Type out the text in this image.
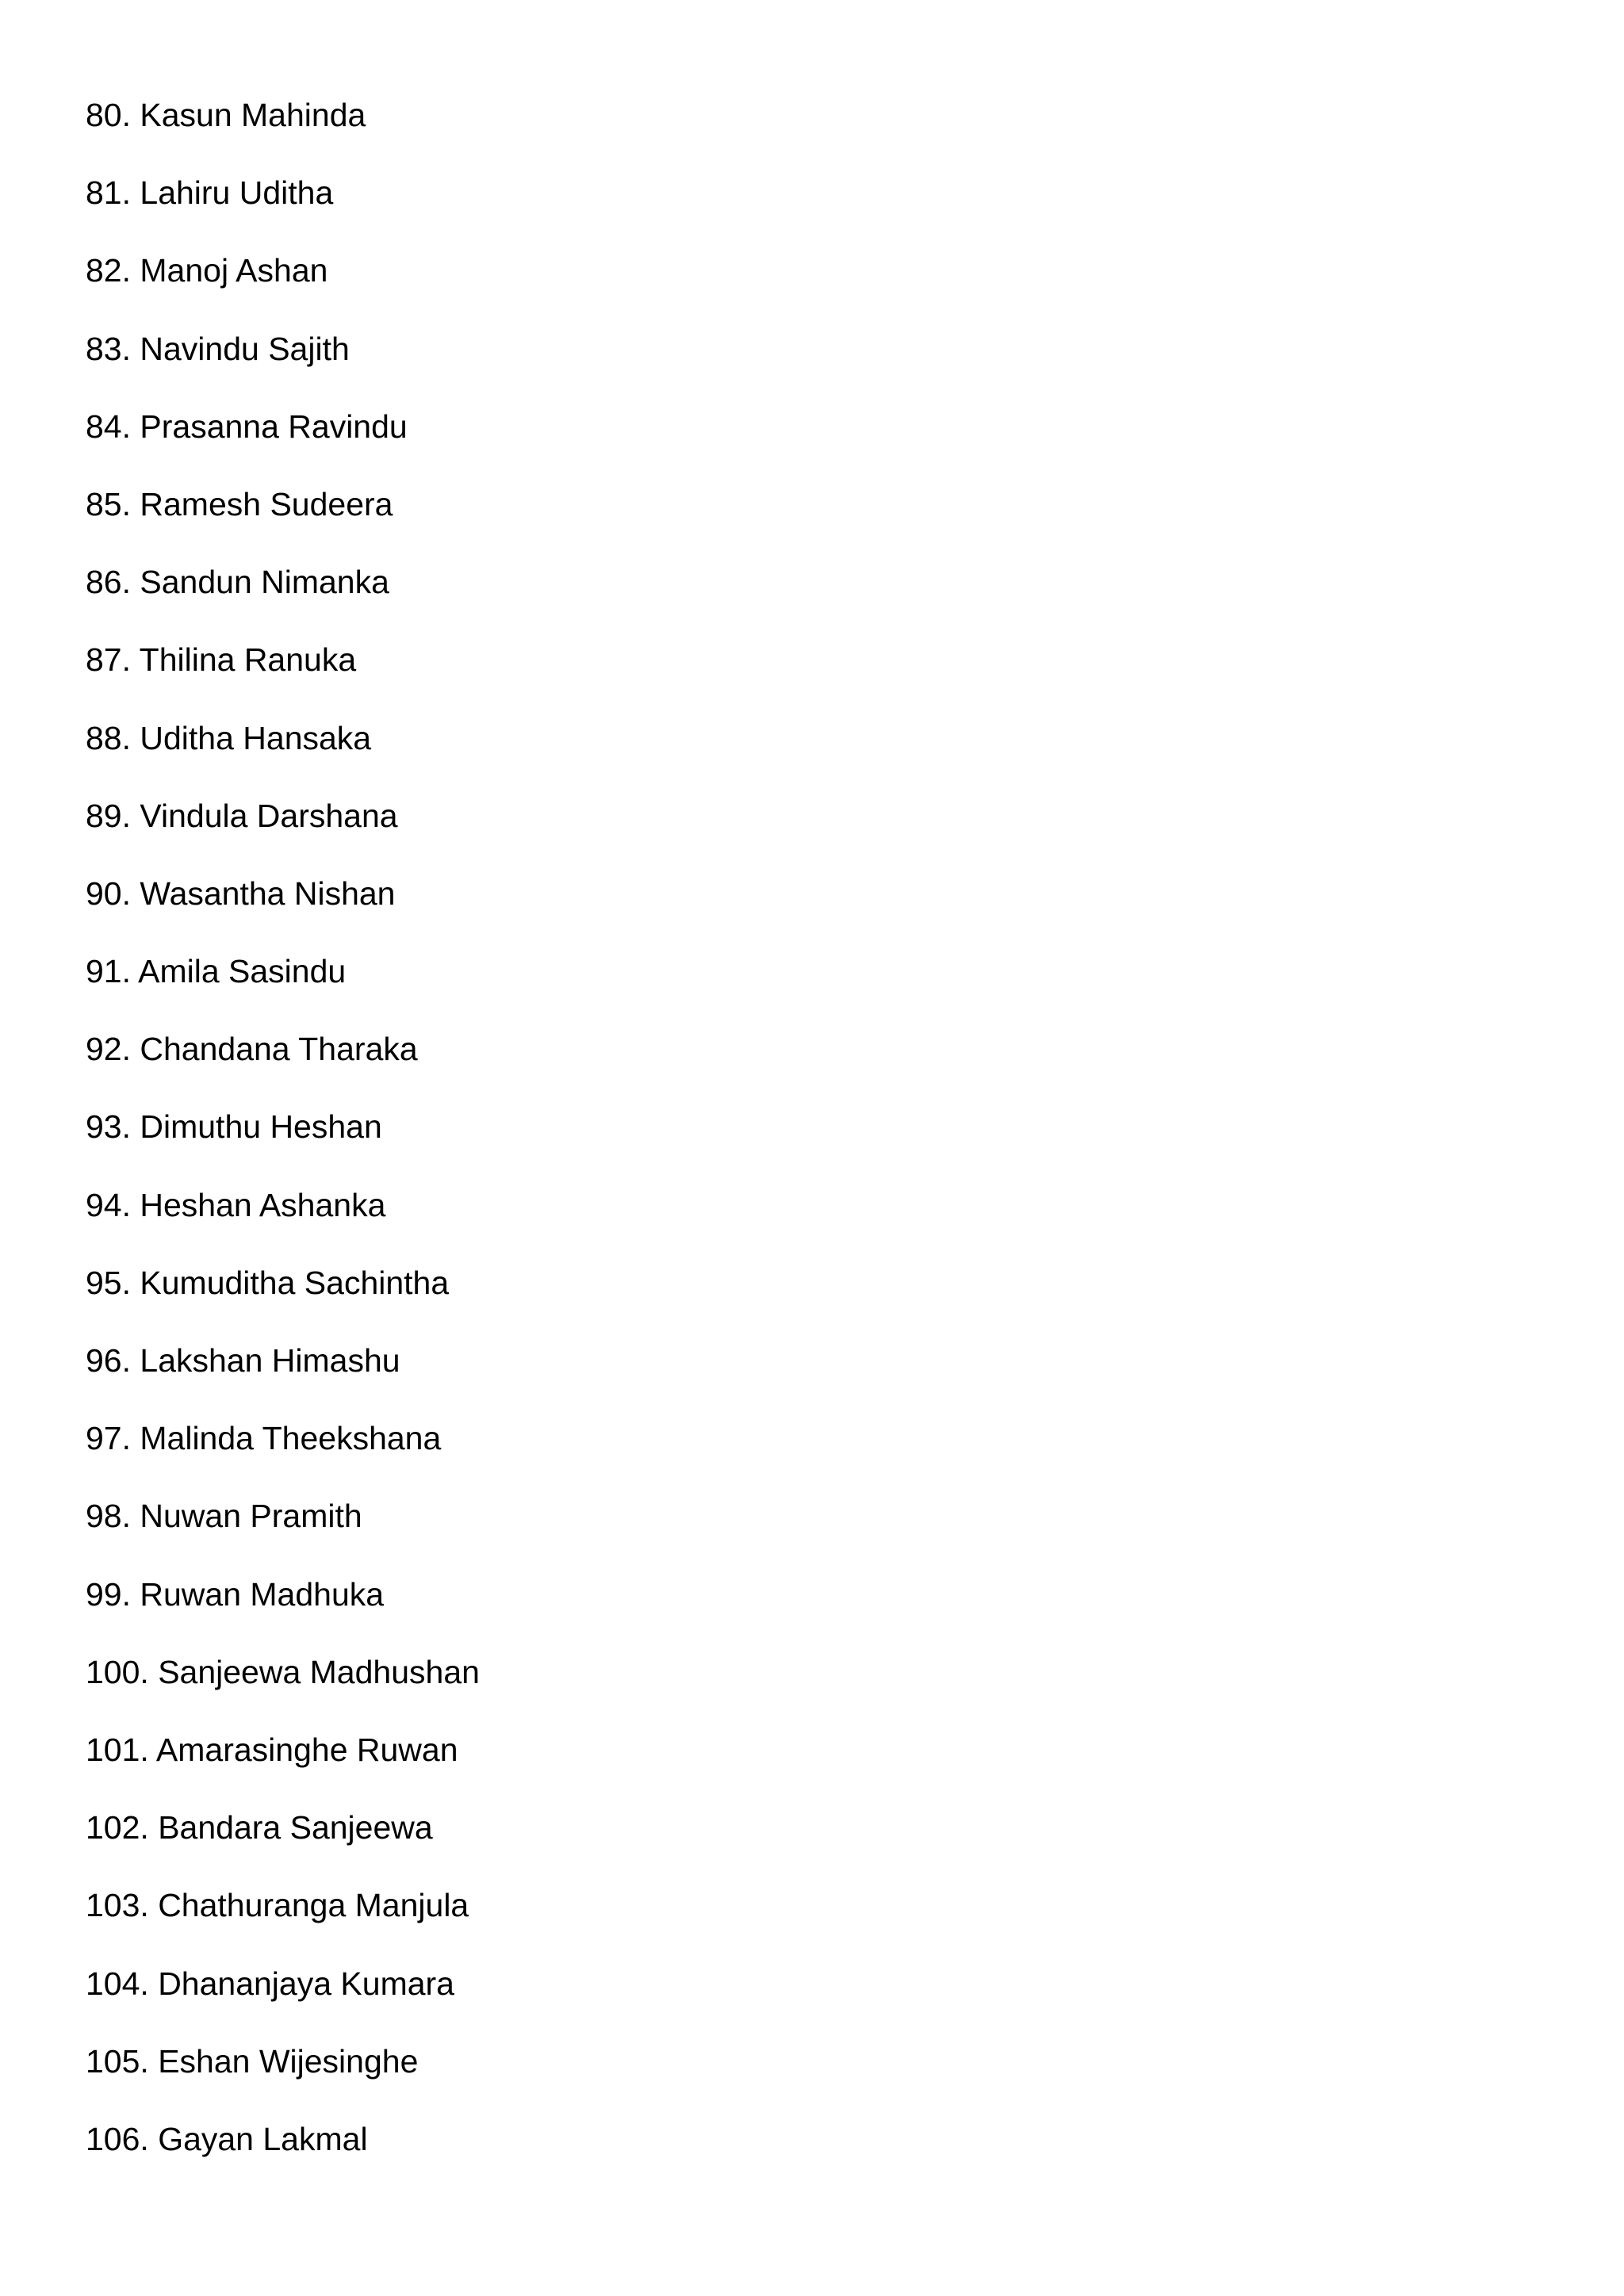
80. Kasun Mahinda
81. Lahiru Uditha
82. Manoj Ashan
83. Navindu Sajith
84. Prasanna Ravindu
85. Ramesh Sudeera
86. Sandun Nimanka
87. Thilina Ranuka
88. Uditha Hansaka
89. Vindula Darshana
90. Wasantha Nishan
91. Amila Sasindu
92. Chandana Tharaka
93. Dimuthu Heshan
94. Heshan Ashanka
95. Kumuditha Sachintha
96. Lakshan Himashu
97. Malinda Theekshana
98. Nuwan Pramith
99. Ruwan Madhuka
100. Sanjeewa Madhushan
101. Amarasinghe Ruwan
102. Bandara Sanjeewa
103. Chathuranga Manjula
104. Dhananjaya Kumara
105. Eshan Wijesinghe
106. Gayan Lakmal
